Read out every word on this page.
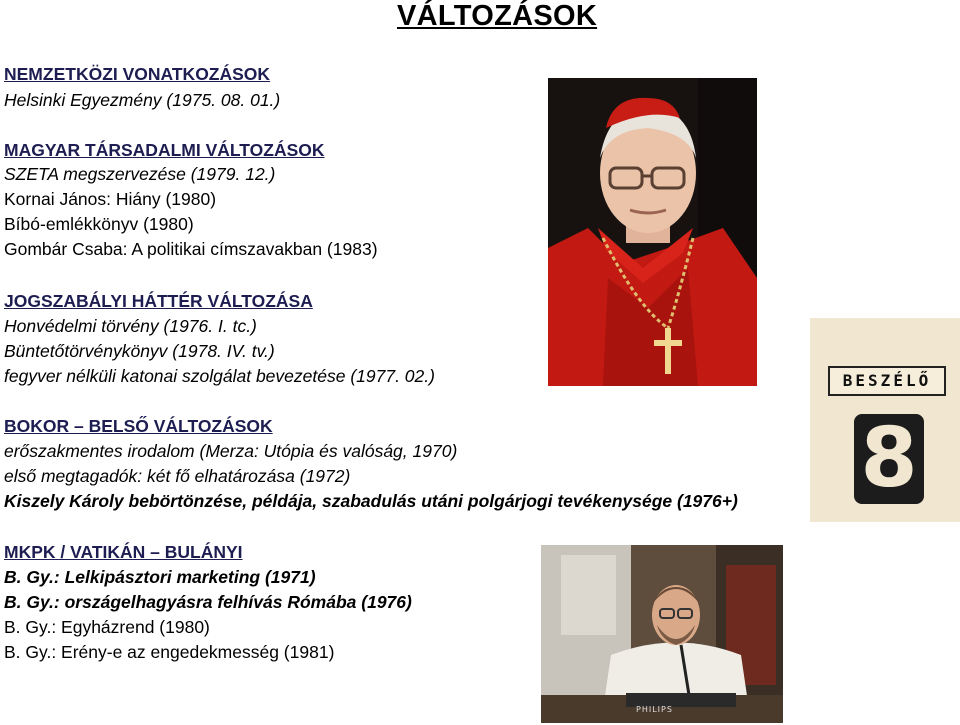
VÁLTOZÁSOK
NEMZETKÖZI VONATKOZÁSOK
Helsinki Egyezmény (1975. 08. 01.)
MAGYAR TÁRSADALMI VÁLTOZÁSOK
SZETA megszervezése (1979. 12.)
Kornai János: Hiány (1980)
Bíbó-emlékkönyv (1980)
Gombár Csaba: A politikai címszavakban (1983)
JOGSZABÁLYI HÁTTÉR VÁLTOZÁSA
Honvédelmi törvény (1976. I. tc.)
Büntetőtörvénykönyv (1978. IV. tv.)
fegyver nélküli katonai szolgálat bevezetése (1977. 02.)
BOKOR – BELSŐ VÁLTOZÁSOK
erőszakmentes irodalom (Merza: Utópia és valóság, 1970)
első megtagadók: két fő elhatározása (1972)
Kiszely Károly bebörtönzése, példája, szabadulás utáni polgárjogi tevékenysége (1976+)
MKPK / VATIKÁN – BULÁNYI
B. Gy.: Lelkipásztori marketing (1971)
B. Gy.: országelhagyásra felhívás Rómába (1976)
B. Gy.: Egyházrend (1980)
B. Gy.: Erény-e az engedekmesség (1981)
BESZÉLŐ
8
PHILIPS
